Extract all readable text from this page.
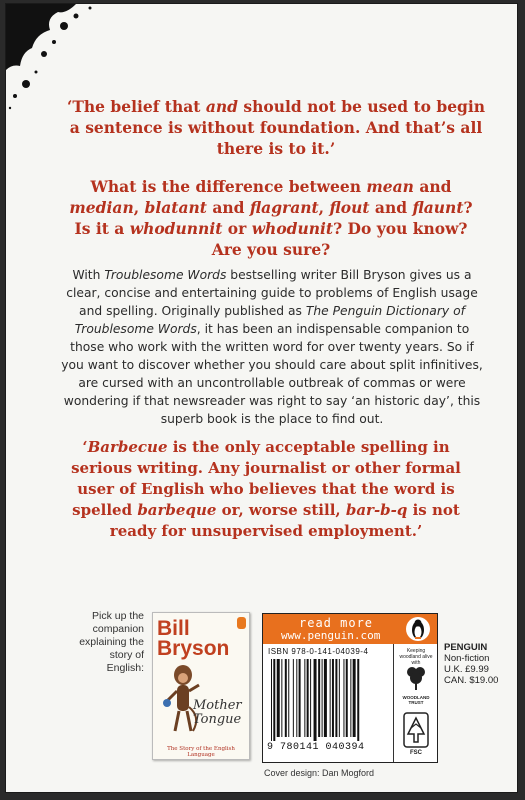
‘The belief that and should not be used to begin a sentence is without foundation. And that’s all there is to it.’
What is the difference between mean and median, blatant and flagrant, flout and flaunt? Is it a whodunnit or whodunit? Do you know? Are you sure?
With Troublesome Words bestselling writer Bill Bryson gives us a clear, concise and entertaining guide to problems of English usage and spelling. Originally published as The Penguin Dictionary of Troublesome Words, it has been an indispensable companion to those who work with the written word for over twenty years. So if you want to discover whether you should care about split infinitives, are cursed with an uncontrollable outbreak of commas or were wondering if that newsreader was right to say ‘an historic day’, this superb book is the place to find out.
‘Barbecue is the only acceptable spelling in serious writing. Any journalist or other formal user of English who believes that the word is spelled barbeque or, worse still, bar-b-q is not ready for unsupervised employment.’
Pick up the companion explaining the story of English:
Bill Bryson
Mother Tongue
The Story of the English Language
read more
www.penguin.com
ISBN 978-0-141-04039-4
9 780141 040394
Keeping woodland alive with
WOODLAND TRUST
FSC
PENGUIN
Non-fiction
U.K. £9.99
CAN. $19.00
Cover design: Dan Mogford
